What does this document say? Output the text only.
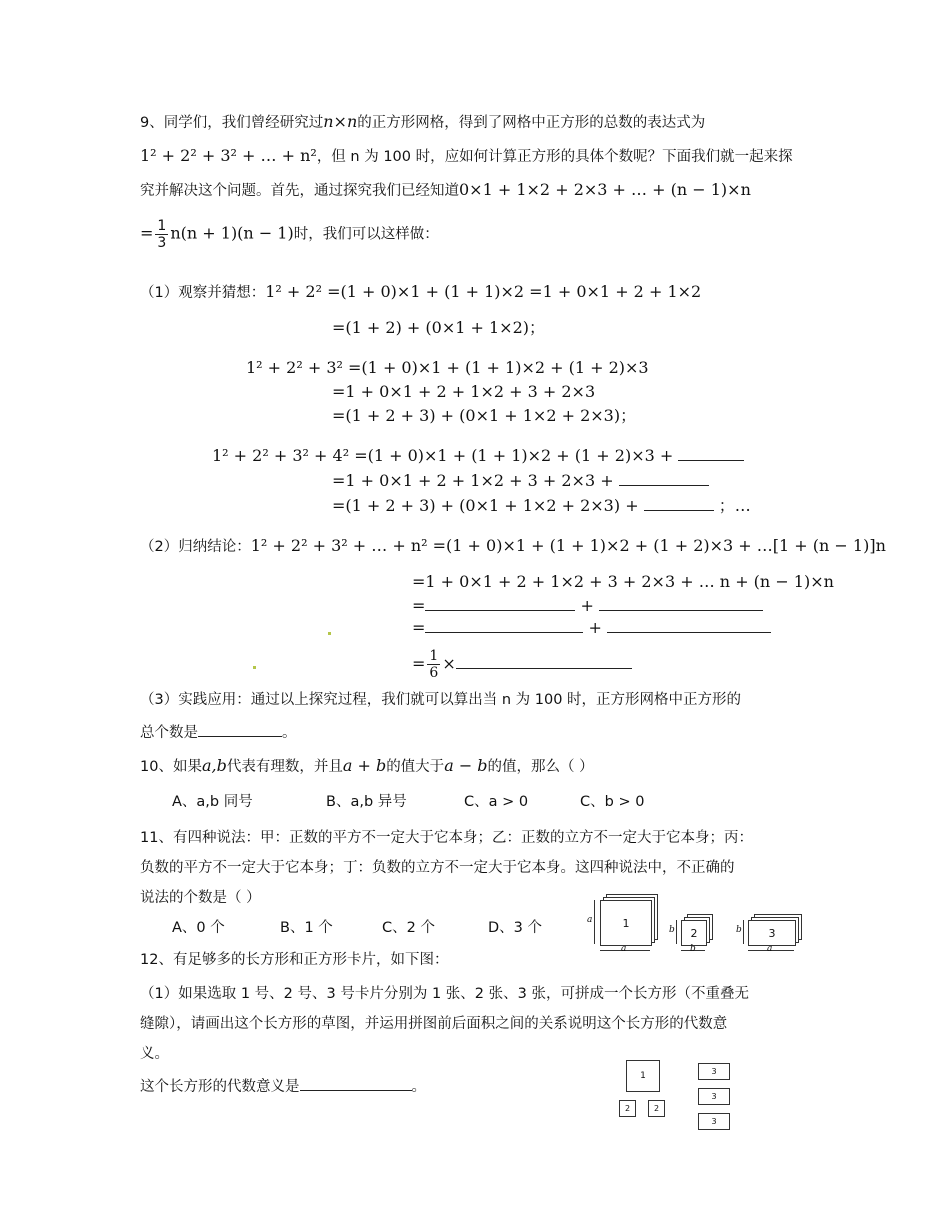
9、同学们，我们曾经研究过n×n的正方形网格，得到了网格中正方形的总数的表达式为
1² + 2² + 3² + … + n²，但 n 为 100 时，应如何计算正方形的具体个数呢？下面我们就一起来探
究并解决这个问题。首先，通过探究我们已经知道0×1 + 1×2 + 2×3 + … + (n − 1)×n
= $\frac{1}{3} n(n + 1)(n - 1)$时，我们可以这样做：
（1）观察并猜想：1² + 2² =(1 + 0)×1 + (1 + 1)×2 =1 + 0×1 + 2 + 1×2
=(1 + 2) + (0×1 + 1×2)；
1² + 2² + 3² =(1 + 0)×1 + (1 + 1)×2 + (1 + 2)×3
=1 + 0×1 + 2 + 1×2 + 3 + 2×3
=(1 + 2 + 3) + (0×1 + 1×2 + 2×3)；
1² + 2² + 3² + 4² =(1 + 0)×1 + (1 + 1)×2 + (1 + 2)×3 +
=1 + 0×1 + 2 + 1×2 + 3 + 2×3 +
=(1 + 2 + 3) + (0×1 + 1×2 + 2×3) +	；…
（2）归纳结论：1² + 2² + 3² + … + n² =(1 + 0)×1 + (1 + 1)×2 + (1 + 2)×3 + …[1 + (n − 1)]n
=1 + 0×1 + 2 + 1×2 + 3 + 2×3 + … n + (n − 1)×n
=	+
=	+
= $\frac{1}{6}$ ×
（3）实践应用：通过以上探究过程，我们就可以算出当 n 为 100 时，正方形网格中正方形的
总个数是	。
10、如果a,b代表有理数，并且a + b的值大于a − b的值，那么（ ）
A、a,b 同号	B、a,b 异号	C、a > 0	C、b > 0
11、有四种说法：甲：正数的平方不一定大于它本身；乙：正数的立方不一定大于它本身；丙：
负数的平方不一定大于它本身；丁：负数的立方不一定大于它本身。这四种说法中，不正确的
说法的个数是（ ）
A、0 个	B、1 个	C、2 个	D、3 个
12、有足够多的长方形和正方形卡片，如下图：
（1）如果选取 1 号、2 号、3 号卡片分别为 1 张、2 张、3 张，可拼成一个长方形（不重叠无
缝隙），请画出这个长方形的草图，并运用拼图前后面积之间的关系说明这个长方形的代数意
义。
这个长方形的代数意义是	。
1
a
a
2
b
b
3
b
a
1
2	2
3
3
3
